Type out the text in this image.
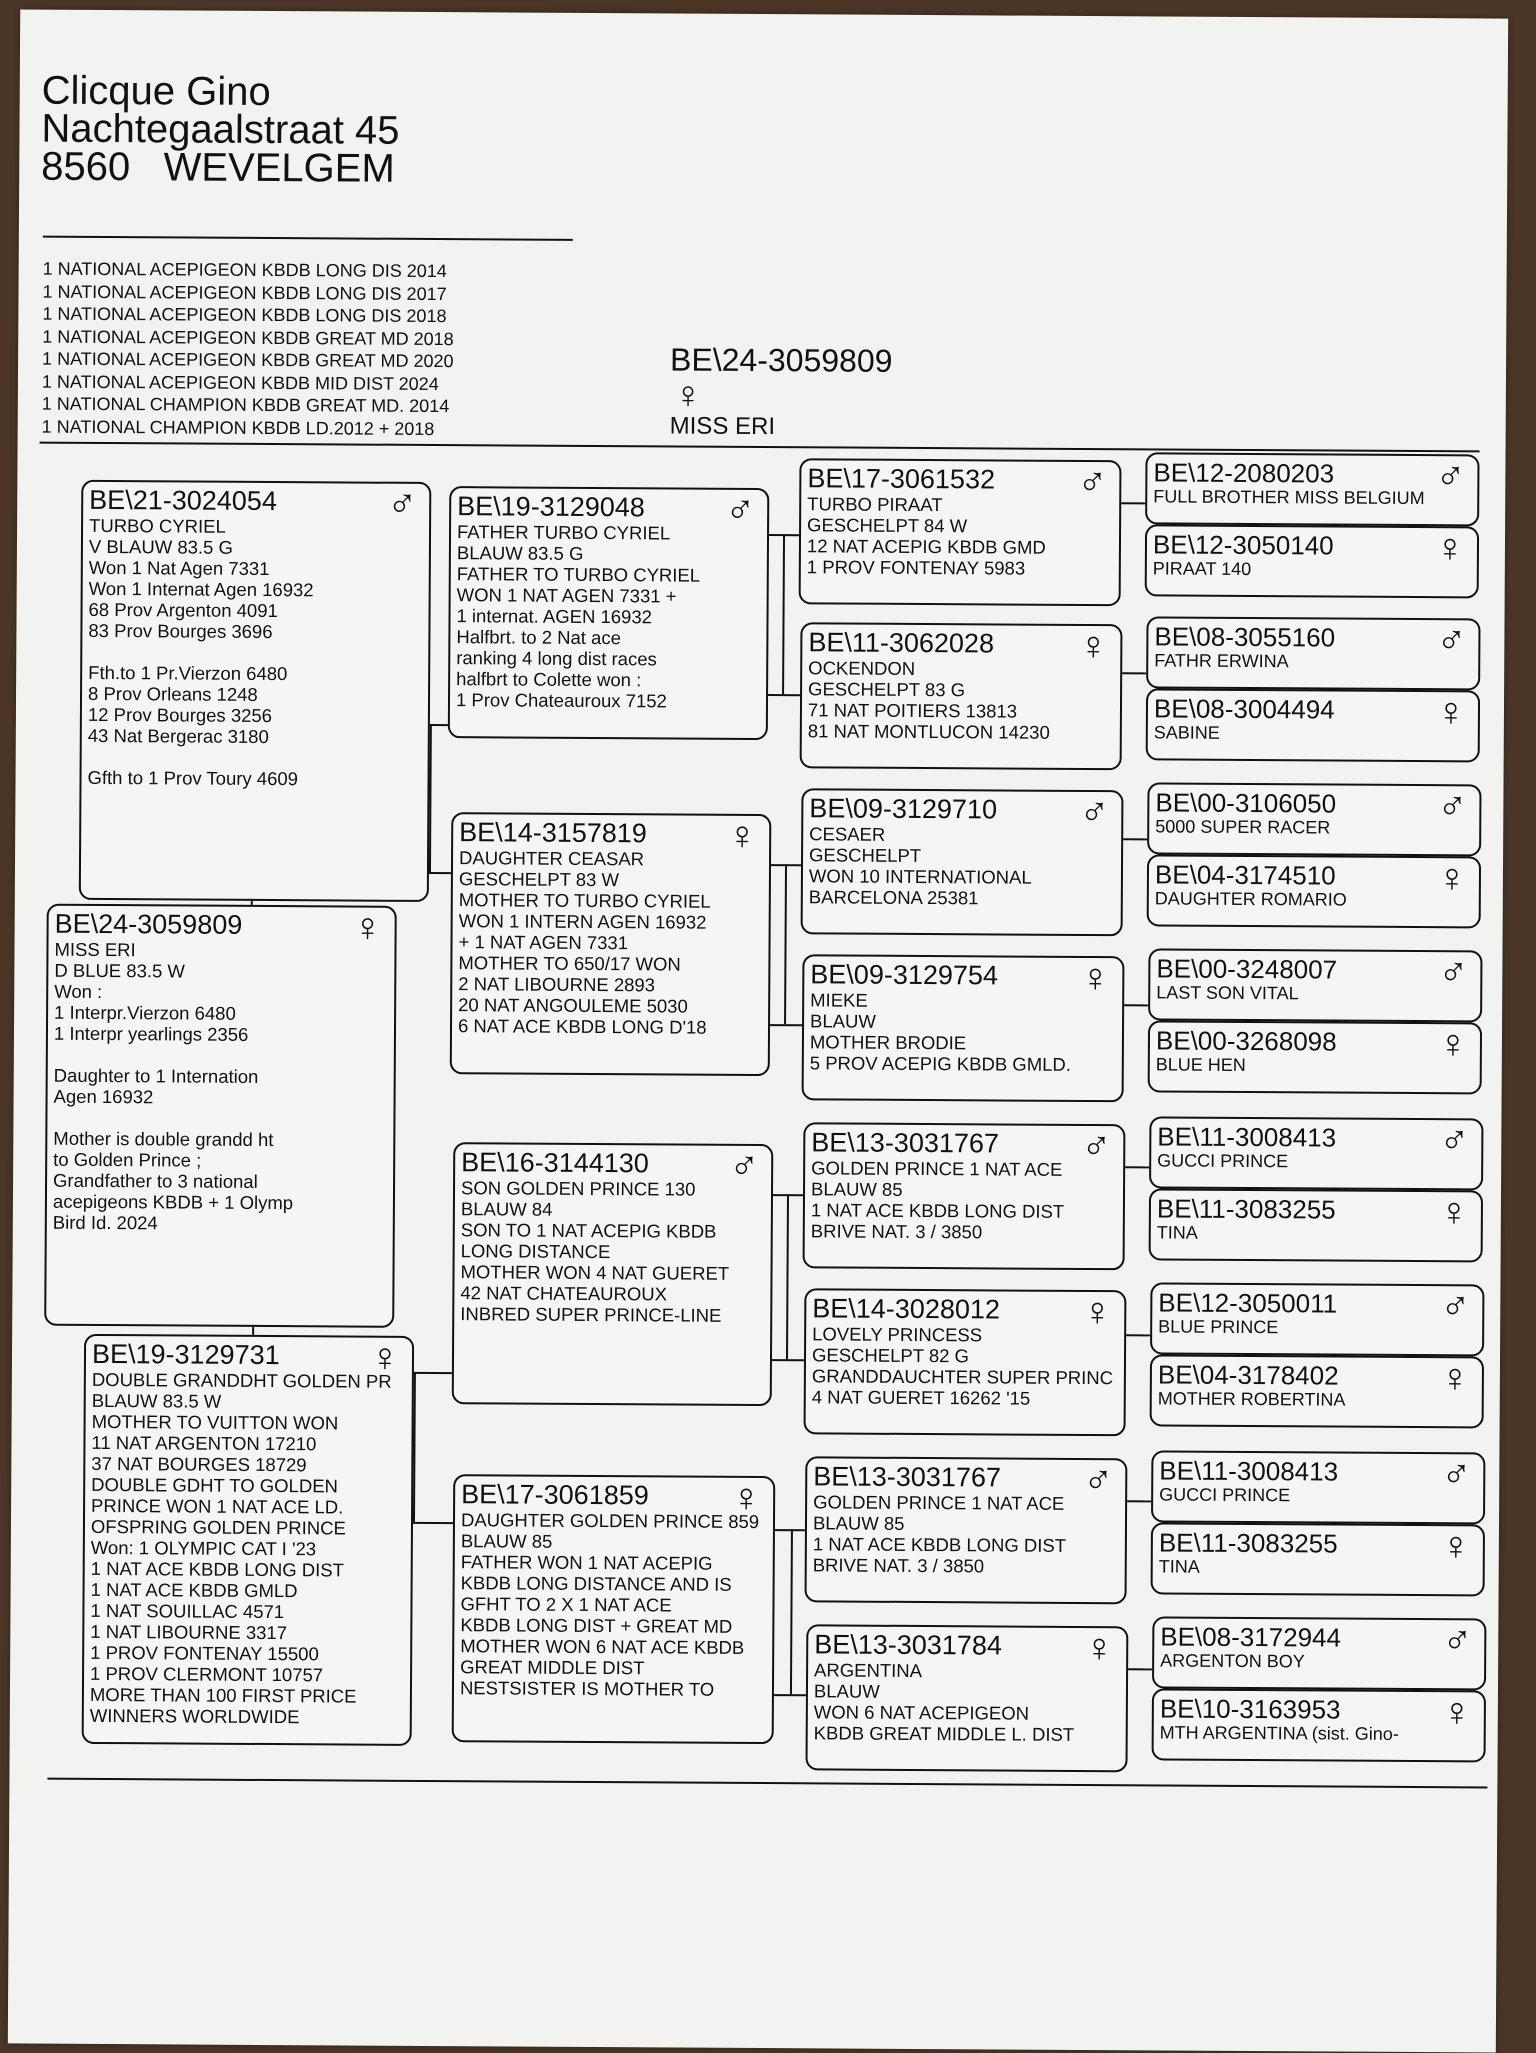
Clicque Gino
Nachtegaalstraat 45
8560   WEVELGEM
1 NATIONAL ACEPIGEON KBDB LONG DIS 2014
1 NATIONAL ACEPIGEON KBDB LONG DIS 2017
1 NATIONAL ACEPIGEON KBDB LONG DIS 2018
1 NATIONAL ACEPIGEON KBDB GREAT MD 2018
1 NATIONAL ACEPIGEON KBDB GREAT MD 2020
1 NATIONAL ACEPIGEON KBDB MID DIST 2024
1 NATIONAL CHAMPION KBDB GREAT MD. 2014
1 NATIONAL CHAMPION KBDB LD.2012 + 2018
BE\24-3059809
♀
MISS ERI
BE\21-3024054	♂
TURBO CYRIEL
V BLAUW 83.5 G
Won 1 Nat Agen 7331
Won 1 Internat Agen 16932
68 Prov Argenton 4091
83 Prov Bourges 3696
Fth.to 1 Pr.Vierzon 6480
8 Prov Orleans 1248
12 Prov Bourges 3256
43 Nat Bergerac 3180
Gfth to 1 Prov Toury 4609
BE\24-3059809	♀
MISS ERI
D BLUE 83.5 W
Won :
1 Interpr.Vierzon 6480
1 Interpr yearlings 2356
Daughter to 1 Internation
Agen 16932
Mother is double grandd ht
to Golden Prince ;
Grandfather to 3 national
acepigeons KBDB + 1 Olymp
Bird Id. 2024
BE\19-3129731	♀
DOUBLE GRANDDHT GOLDEN PR
BLAUW 83.5 W
MOTHER TO VUITTON WON
11 NAT ARGENTON 17210
37 NAT BOURGES 18729
DOUBLE GDHT TO GOLDEN
PRINCE WON 1 NAT ACE LD.
OFSPRING GOLDEN PRINCE
Won: 1 OLYMPIC CAT I '23
1 NAT ACE KBDB LONG DIST
1 NAT ACE KBDB GMLD
1 NAT SOUILLAC 4571
1 NAT LIBOURNE 3317
1 PROV FONTENAY 15500
1 PROV CLERMONT 10757
MORE THAN 100 FIRST PRICE
WINNERS WORLDWIDE
BE\19-3129048	♂
FATHER TURBO CYRIEL
BLAUW 83.5 G
FATHER TO TURBO CYRIEL
WON 1 NAT AGEN 7331 +
1 internat. AGEN 16932
Halfbrt. to 2 Nat ace
ranking 4 long dist races
halfbrt to Colette won :
1 Prov Chateauroux 7152
BE\14-3157819	♀
DAUGHTER CEASAR
GESCHELPT 83 W
MOTHER TO TURBO CYRIEL
WON 1 INTERN AGEN 16932
+ 1 NAT AGEN 7331
MOTHER TO 650/17 WON
2 NAT LIBOURNE 2893
20 NAT ANGOULEME 5030
6 NAT ACE KBDB LONG D'18
BE\16-3144130	♂
SON GOLDEN PRINCE 130
BLAUW 84
SON TO 1 NAT ACEPIG KBDB
LONG DISTANCE
MOTHER WON 4 NAT GUERET
42 NAT CHATEAUROUX
INBRED SUPER PRINCE-LINE
BE\17-3061859	♀
DAUGHTER GOLDEN PRINCE 859
BLAUW 85
FATHER WON 1 NAT ACEPIG
KBDB LONG DISTANCE AND IS
GFHT TO 2 X 1 NAT ACE
KBDB LONG DIST + GREAT MD
MOTHER WON 6 NAT ACE KBDB
GREAT MIDDLE DIST
NESTSISTER IS MOTHER TO
BE\17-3061532	♂
TURBO PIRAAT
GESCHELPT 84 W
12 NAT ACEPIG KBDB GMD
1 PROV FONTENAY 5983
BE\11-3062028	♀
OCKENDON
GESCHELPT 83 G
71 NAT POITIERS 13813
81 NAT MONTLUCON 14230
BE\09-3129710	♂
CESAER
GESCHELPT
WON 10 INTERNATIONAL
BARCELONA 25381
BE\09-3129754	♀
MIEKE
BLAUW
MOTHER BRODIE
5 PROV ACEPIG KBDB GMLD.
BE\13-3031767	♂
GOLDEN PRINCE 1 NAT ACE
BLAUW 85
1 NAT ACE KBDB LONG DIST
BRIVE NAT. 3 / 3850
BE\14-3028012	♀
LOVELY PRINCESS
GESCHELPT 82 G
GRANDDAUCHTER SUPER PRINC
4 NAT GUERET 16262 '15
BE\13-3031767	♂
GOLDEN PRINCE 1 NAT ACE
BLAUW 85
1 NAT ACE KBDB LONG DIST
BRIVE NAT. 3 / 3850
BE\13-3031784	♀
ARGENTINA
BLAUW
WON 6 NAT ACEPIGEON
KBDB GREAT MIDDLE L. DIST
BE\12-2080203	♂
FULL BROTHER MISS BELGIUM
BE\12-3050140	♀
PIRAAT 140
BE\08-3055160	♂
FATHR ERWINA
BE\08-3004494	♀
SABINE
BE\00-3106050	♂
5000 SUPER RACER
BE\04-3174510	♀
DAUGHTER ROMARIO
BE\00-3248007	♂
LAST SON VITAL
BE\00-3268098	♀
BLUE HEN
BE\11-3008413	♂
GUCCI PRINCE
BE\11-3083255	♀
TINA
BE\12-3050011	♂
BLUE PRINCE
BE\04-3178402	♀
MOTHER ROBERTINA
BE\11-3008413	♂
GUCCI PRINCE
BE\11-3083255	♀
TINA
BE\08-3172944	♂
ARGENTON BOY
BE\10-3163953	♀
MTH ARGENTINA (sist. Gino-
